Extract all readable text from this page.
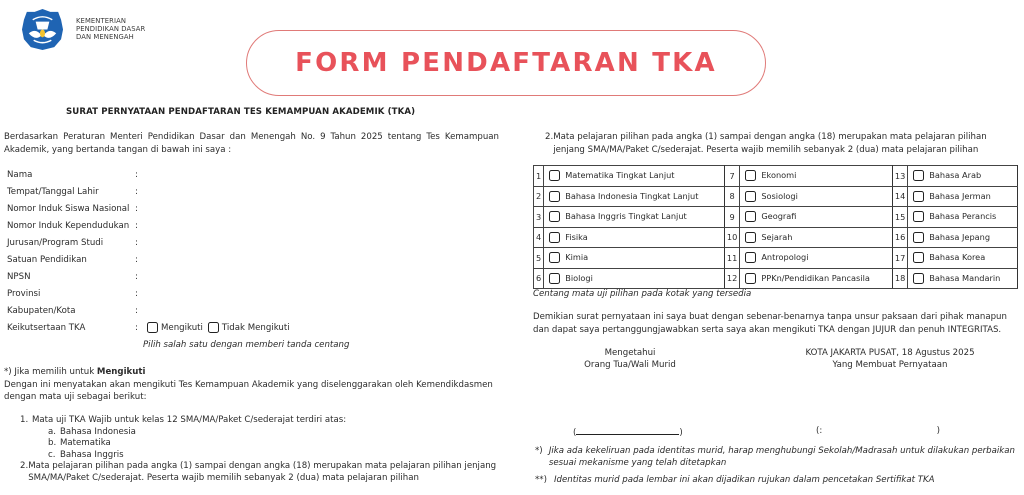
KEMENTERIAN
PENDIDIKAN DASAR
DAN MENENGAH
FORM PENDAFTARAN TKA
SURAT PERNYATAAN PENDAFTARAN TES KEMAMPUAN AKADEMIK (TKA)
Berdasarkan Peraturan Menteri Pendidikan Dasar dan Menengah No. 9 Tahun 2025 tentang Tes Kemampuan Akademik, yang bertanda tangan di bawah ini saya :
Nama	:
Tempat/Tanggal Lahir	:
Nomor Induk Siswa Nasional :
Nomor Induk Kependudukan :
Jurusan/Program Studi	:
Satuan Pendidikan	:
NPSN	:
Provinsi	:
Kabupaten/Kota	:
Keikutsertaan TKA	:	Mengikuti Tidak Mengikuti
Pilih salah satu dengan memberi tanda centang
*) Jika memilih untuk Mengikuti
Dengan ini menyatakan akan mengikuti Tes Kemampuan Akademik yang diselenggarakan oleh Kemendikdasmen dengan mata uji sebagai berikut:
1. Mata uji TKA Wajib untuk kelas 12 SMA/MA/Paket C/sederajat terdiri atas:
a. Bahasa Indonesia
b. Matematika
c. Bahasa Inggris
2. Mata pelajaran pilihan pada angka (1) sampai dengan angka (18) merupakan mata pelajaran pilihan jenjang SMA/MA/Paket C/sederajat. Peserta wajib memilih sebanyak 2 (dua) mata pelajaran pilihan
2. Mata pelajaran pilihan pada angka (1) sampai dengan angka (18) merupakan mata pelajaran pilihan jenjang SMA/MA/Paket C/sederajat. Peserta wajib memilih sebanyak 2 (dua) mata pelajaran pilihan
1	Matematika Tingkat Lanjut	7	Ekonomi	13	Bahasa Arab
2	Bahasa Indonesia Tingkat Lanjut	8	Sosiologi	14	Bahasa Jerman
3	Bahasa Inggris Tingkat Lanjut	9	Geografi	15	Bahasa Perancis
4	Fisika	10	Sejarah	16	Bahasa Jepang
5	Kimia	11	Antropologi	17	Bahasa Korea
6	Biologi	12	PPKn/Pendidikan Pancasila	18	Bahasa Mandarin
Centang mata uji pilihan pada kotak yang tersedia
Demikian surat pernyataan ini saya buat dengan sebenar-benarnya tanpa unsur paksaan dari pihak manapun dan dapat saya pertanggungjawabkan serta saya akan mengikuti TKA dengan JUJUR dan penuh INTEGRITAS.
Mengetahui
Orang Tua/Wali Murid
KOTA JAKARTA PUSAT, 18 Agustus 2025
Yang Membuat Pernyataan
(	)	(:	)
*) Jika ada kekeliruan pada identitas murid, harap menghubungi Sekolah/Madrasah untuk dilakukan perbaikan sesuai mekanisme yang telah ditetapkan
**) Identitas murid pada lembar ini akan dijadikan rujukan dalam pencetakan Sertifikat TKA
